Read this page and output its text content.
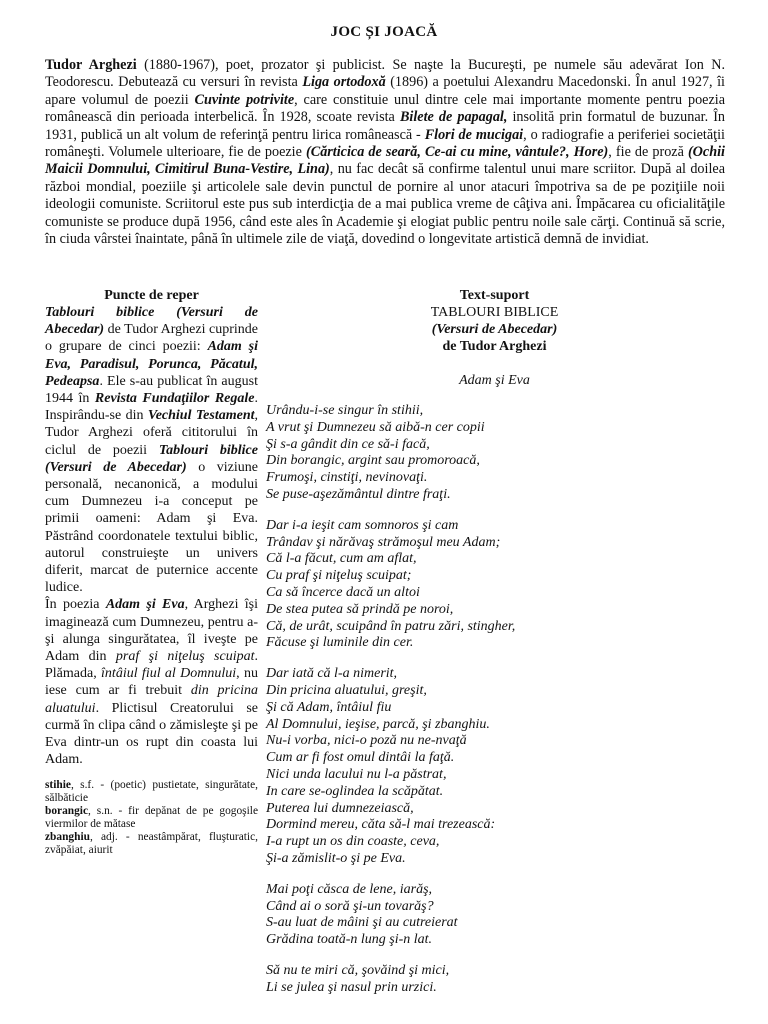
JOC ȘI JOACĂ
Tudor Arghezi (1880-1967), poet, prozator şi publicist. Se naşte la Bucureşti, pe numele său adevărat Ion N. Teodorescu. Debutează cu versuri în revista Liga ortodoxă (1896) a poetului Alexandru Macedonski. În anul 1927, îi apare volumul de poezii Cuvinte potrivite, care constituie unul dintre cele mai importante momente pentru poezia românească din perioada interbelică. În 1928, scoate revista Bilete de papagal, insolită prin formatul de buzunar. În 1931, publică un alt volum de referinţă pentru lirica românească - Flori de mucigai, o radiografie a periferiei societăţii româneşti. Volumele ulterioare, fie de poezie (Cărticica de seară, Ce-ai cu mine, vântule?, Hore), fie de proză (Ochii Maicii Domnului, Cimitirul Buna-Vestire, Lina), nu fac decât să confirme talentul unui mare scriitor. După al doilea război mondial, poeziile şi articolele sale devin punctul de pornire al unor atacuri împotriva sa de pe poziţiile noii ideologii comuniste. Scriitorul este pus sub interdicţia de a mai publica vreme de câţiva ani. Împăcarea cu oficialităţile comuniste se produce după 1956, când este ales în Academie şi elogiat public pentru noile sale cărţi. Continuă să scrie, în ciuda vârstei înaintate, până în ultimele zile de viaţă, dovedind o longevitate artistică demnă de invidiat.
Puncte de reper

Tablouri biblice (Versuri de Abecedar) de Tudor Arghezi cuprinde o grupare de cinci poezii: Adam şi Eva, Paradisul, Porunca, Păcatul, Pedeapsa. Ele s-au publicat în august 1944 în Revista Fundaţiilor Regale. Inspirându-se din Vechiul Testament, Tudor Arghezi oferă cititorului în ciclul de poezii Tablouri biblice (Versuri de Abecedar) o viziune personală, necanonică, a modului cum Dumnezeu i-a conceput pe primii oameni: Adam şi Eva. Păstrând coordonatele textului biblic, autorul construieşte un univers diferit, marcat de puternice accente ludice.

În poezia Adam şi Eva, Arghezi îşi imaginează cum Dumnezeu, pentru a-şi alunga singurătatea, îl iveşte pe Adam din praf şi niţeluş scuipat. Plămada, întâiul fiul al Domnului, nu iese cum ar fi trebuit din pricina aluatului. Plictisul Creatorului se curmă în clipa când o zămisleşte şi pe Eva dintr-un os rupt din coasta lui Adam.

stihie, s.f. - (poetic) pustietate, singurătate, sălbăticie

borangic, s.n. - fir depănat de pe gogoşile viermilor de mătase

zbanghiu, adj. - neastâmpărat, fluşturatic, zvăpăiat, aiurit

Text-suport
TABLOURI BIBLICE
(Versuri de Abecedar)
de Tudor Arghezi
Adam şi Eva
Urându-i-se singur în stihii,
A vrut şi Dumnezeu să aibă-n cer copii
Şi s-a gândit din ce să-i facă,
Din borangic, argint sau promoroacă,
Frumoşi, cinstiţi, nevinovaţi.
Se puse-aşezământul dintre fraţi.
Dar i-a ieşit cam somnoros şi cam
Trândav şi nărăvaş strămoşul meu Adam;
Că l-a făcut, cum am aflat,
Cu praf şi niţeluş scuipat;
Ca să încerce dacă un altoi
De stea putea să prindă pe noroi,
Că, de urât, scuipând în patru zări, stingher,
Făcuse şi luminile din cer.
Dar iată că l-a nimerit,
Din pricina aluatului, greşit,
Şi că Adam, întâiul fiu
Al Domnului, ieşise, parcă, şi zbanghiu.
Nu-i vorba, nici-o poză nu ne-nvaţă
Cum ar fi fost omul dintâi la faţă.
Nici unda lacului nu l-a păstrat,
In care se-oglindea la scăpătat.
Puterea lui dumnezeiască,
Dormind mereu, căta să-l mai trezească:
I-a rupt un os din coaste, ceva,
Şi-a zămislit-o şi pe Eva.
Mai poţi căsca de lene, iarăş,
Când ai o soră şi-un tovarăş?
S-au luat de mâini şi au cutreierat
Grădina toată-n lung şi-n lat.
Să nu te miri că, şovăind şi mici,
Li se julea şi nasul prin urzici.
